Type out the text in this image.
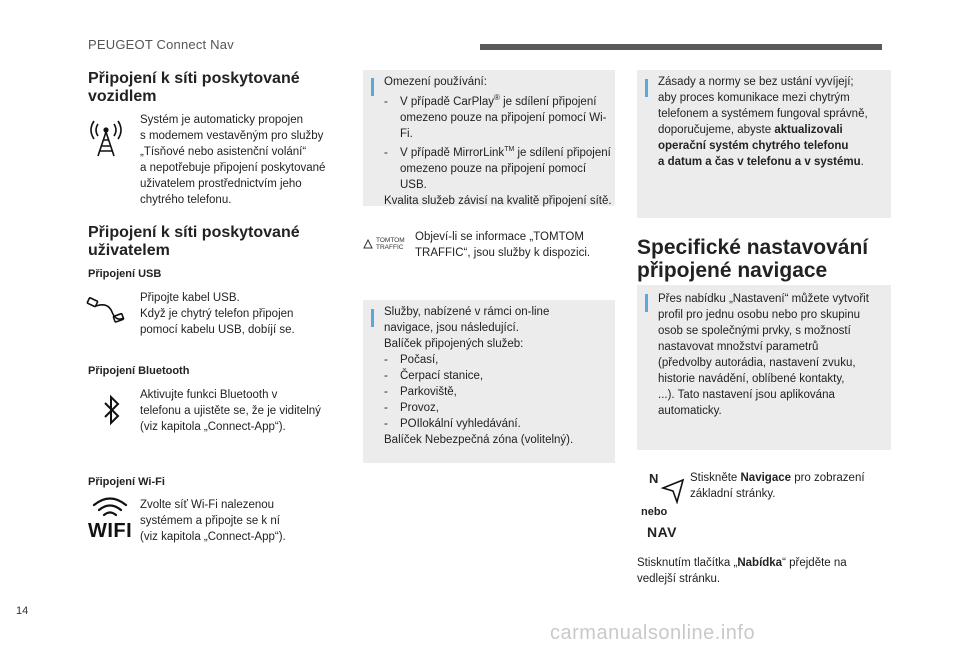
PEUGEOT Connect Nav
Připojení k síti poskytované
vozidlem
Systém je automaticky propojen
s modemem vestavěným pro služby
„Tísňové nebo asistenční volání“
a nepotřebuje připojení poskytované
uživatelem prostřednictvím jeho
chytrého telefonu.
Připojení k síti poskytované
uživatelem
Připojení USB
Připojte kabel USB.
Když je chytrý telefon připojen
pomocí kabelu USB, dobíjí se.
Připojení Bluetooth
Aktivujte funkci Bluetooth v
telefonu a ujistěte se, že je viditelný
(viz kapitola „Connect-App“).
Připojení Wi-Fi
WIFI
Zvolte síť Wi-Fi nalezenou
systémem a připojte se k ní
(viz kapitola „Connect-App“).
Omezení používání:
- V případě CarPlay® je sdílení připojení omezeno pouze na připojení pomocí Wi-Fi.
- V případě MirrorLink™ je sdílení připojení omezeno pouze na připojení pomocí USB.
Kvalita služeb závisí na kvalitě připojení sítě.
TOMTOM
TRAFFIC
Objeví-li se informace „TOMTOM
TRAFFIC“, jsou služby k dispozici.
Služby, nabízené v rámci on-line
navigace, jsou následující.
Balíček připojených služeb:
- Počasí,
- Čerpací stanice,
- Parkoviště,
- Provoz,
- POIlokální vyhledávání.
Balíček Nebezpečná zóna (volitelný).
Zásady a normy se bez ustání vyvíjejí;
aby proces komunikace mezi chytrým
telefonem a systémem fungoval správně,
doporučujeme, abyste aktualizovali
operační systém chytrého telefonu
a datum a čas v telefonu a v systému.
Specifické nastavování
připojené navigace
Přes nabídku „Nastavení“ můžete vytvořit
profil pro jednu osobu nebo pro skupinu
osob se společnými prvky, s možností
nastavovat množství parametrů
(předvolby autorádia, nastavení zvuku,
historie navádění, oblíbené kontakty,
...). Tato nastavení jsou aplikována
automaticky.
N
nebo
NAV
Stiskněte Navigace pro zobrazení
základní stránky.
Stisknutím tlačítka „Nabídka“ přejděte na
vedlejší stránku.
14
carmanualsonline.info
